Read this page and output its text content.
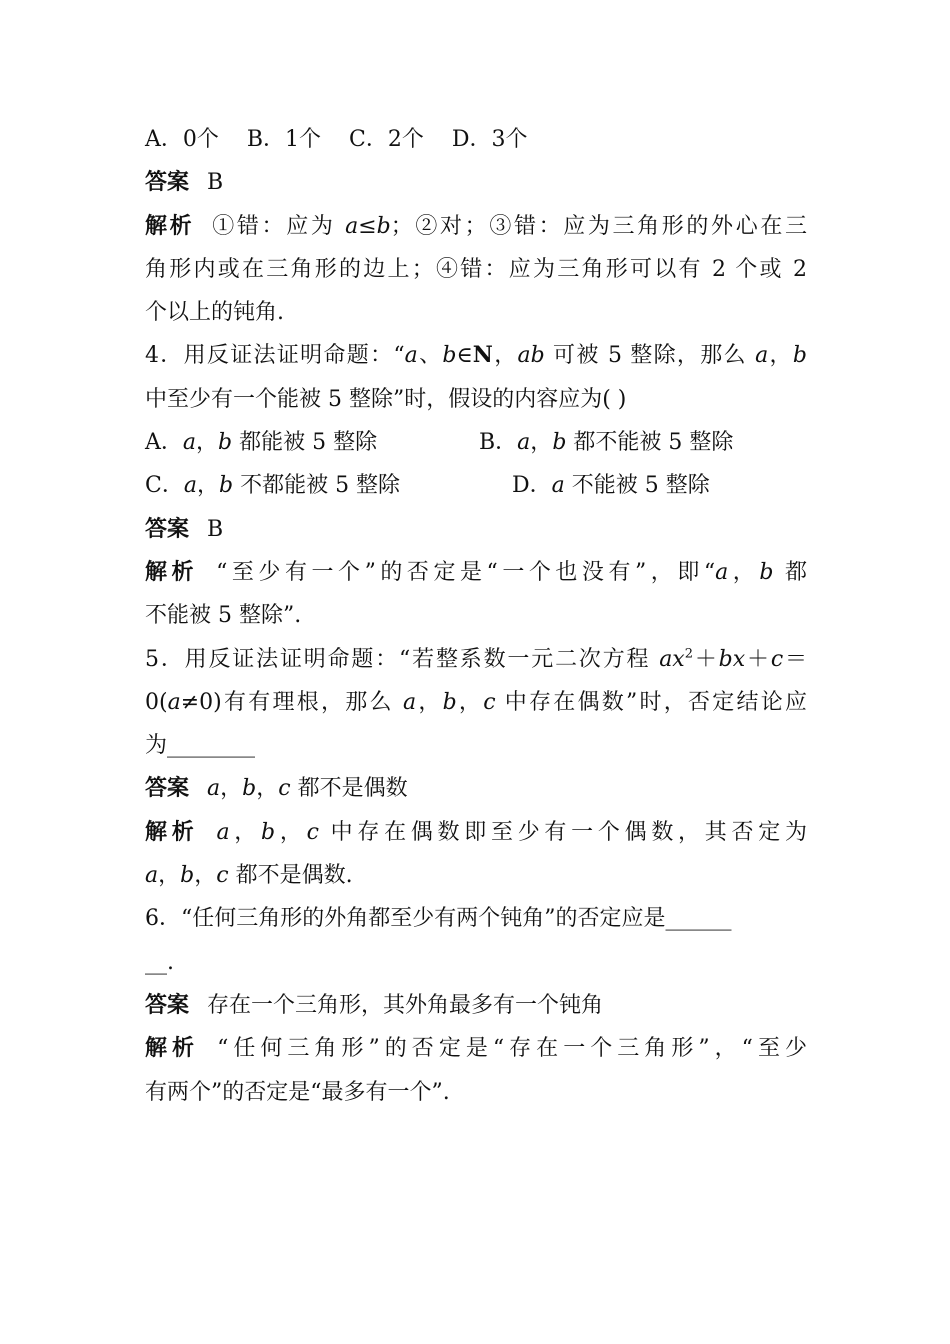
A．0个 B．1个 C．2个 D．3个
答案 B
解析 ①错：应为 a≤b；②对；③错：应为三角形的外心在三
角形内或在三角形的边上；④错：应为三角形可以有 2 个或 2
个以上的钝角.
4．用反证法证明命题：“a、b∈N，ab 可被 5 整除，那么 a，b
中至少有一个能被 5 整除”时，假设的内容应为( )
A．a，b 都能被 5 整除	B．a，b 都不能被 5 整除
C．a，b 不都能被 5 整除	D．a 不能被 5 整除
答案 B
解析 “至少有一个”的否定是“一个也没有”，即“a，b 都
不能被 5 整除”.
5．用反证法证明命题：“若整系数一元二次方程 $ax^2+bx+c=$
0(a≠0)有有理根，那么 a，b，c 中存在偶数”时，否定结论应
为________
答案 a，b，c 都不是偶数
解析 a，b，c 中存在偶数即至少有一个偶数，其否定为
a，b，c 都不是偶数.
6．“任何三角形的外角都至少有两个钝角”的否定应是______
__.
答案 存在一个三角形，其外角最多有一个钝角
解析 “任何三角形”的否定是“存在一个三角形”，“至少
有两个”的否定是“最多有一个”.
